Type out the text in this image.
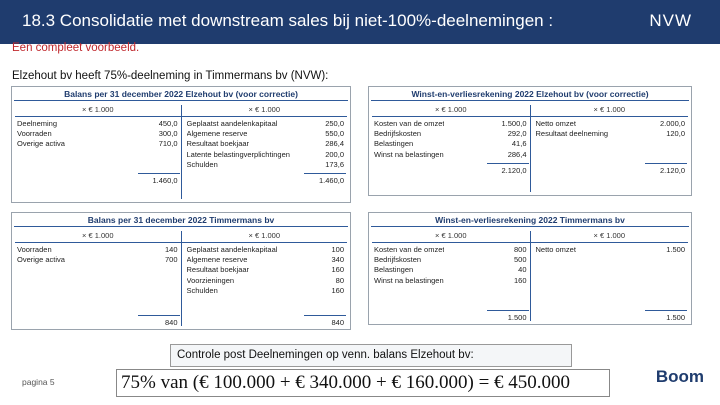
18.3 Consolidatie met downstream sales bij niet-100%-deelnemingen :	NVW
Een compleet voorbeeld.
Elzehout bv heeft 75%-deelneming in Timmermans bv (NVW):
Balans per 31 december 2022 Elzehout bv (voor correctie)
× € 1.000
Deelneming	450,0
Voorraden	300,0
Overige activa	710,0
1.460,0
× € 1.000
Geplaatst aandelenkapitaal	250,0
Algemene reserve	550,0
Resultaat boekjaar	286,4
Latente belastingverplichtingen	200,0
Schulden	173,6
1.460,0
Winst-en-verliesrekening 2022 Elzehout bv (voor correctie)
× € 1.000
Kosten van de omzet	1.500,0
Bedrijfskosten	292,0
Belastingen	41,6
Winst na belastingen	286,4
2.120,0
× € 1.000
Netto omzet	2.000,0
Resultaat deelneming	120,0
2.120,0
Balans per 31 december 2022 Timmermans bv
× € 1.000
Voorraden	140
Overige activa	700
840
× € 1.000
Geplaatst aandelenkapitaal	100
Algemene reserve	340
Resultaat boekjaar	160
Voorzieningen	80
Schulden	160
840
Winst-en-verliesrekening 2022 Timmermans bv
× € 1.000
Kosten van de omzet	800
Bedrijfskosten	500
Belastingen	40
Winst na belastingen	160
1.500
× € 1.000
Netto omzet	1.500
1.500
Controle post Deelnemingen op venn. balans Elzehout bv:
75% van (€ 100.000 + € 340.000 + € 160.000) = € 450.000
pagina 5	Boom
